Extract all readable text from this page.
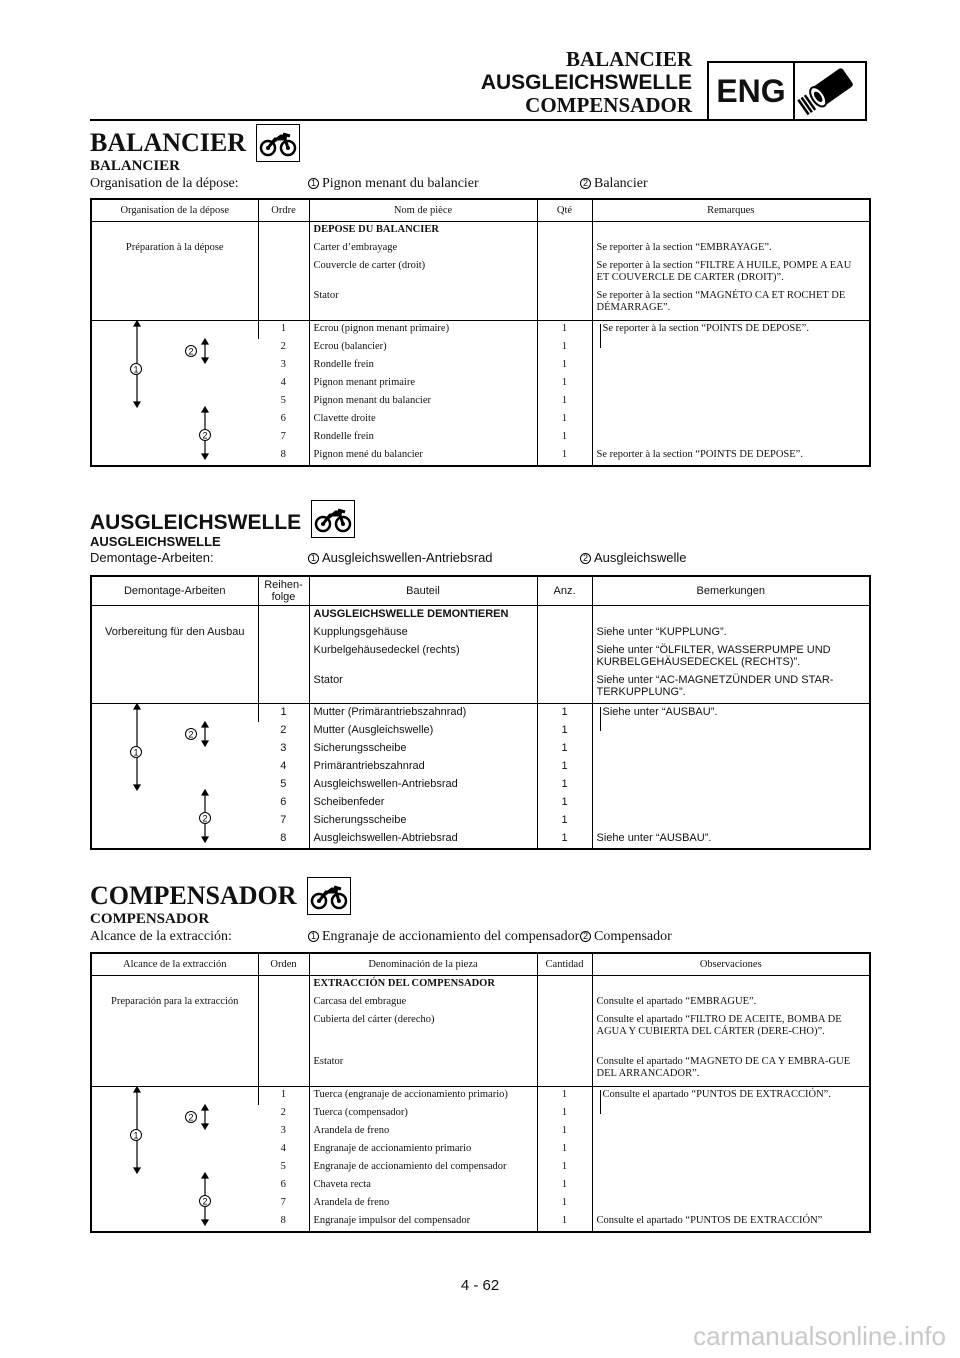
BALANCIER
AUSGLEICHSWELLE
COMPENSADOR ENG
BALANCIER
BALANCIER
Organisation de la dépose:	1 Pignon menant du balancier	2 Balancier
Organisation de la dépose	Ordre	Nom de pièce	Qté	Remarques
		DEPOSE DU BALANCIER		
Préparation à la dépose		Carter d’embrayage		Se reporter à la section “EMBRAYAGE”.
		Couvercle de carter (droit)		Se reporter à la section “FILTRE A HUILE, POMPE A EAU ET COUVERCLE DE CARTER (DROIT)”.
		Stator		Se reporter à la section “MAGNÉTO CA ET ROCHET DE DÉMARRAGE”.

2
1
2	1	Ecrou (pignon menant primaire)	1	Se reporter à la section “POINTS DE DEPOSE”.
	2	Ecrou (balancier)	1	
	3	Rondelle frein	1	
	4	Pignon menant primaire	1	
	5	Pignon menant du balancier	1	
	6	Clavette droite	1	
	7	Rondelle frein	1	
	8	Pignon mené du balancier	1	Se reporter à la section “POINTS DE DEPOSE”.
AUSGLEICHSWELLE
AUSGLEICHSWELLE
Demontage-Arbeiten:	1 Ausgleichswellen-Antriebsrad	2 Ausgleichswelle
Demontage-Arbeiten	Reihen-folge	Bauteil	Anz.	Bemerkungen
		AUSGLEICHSWELLE DEMONTIEREN		
Vorbereitung für den Ausbau		Kupplungsgehäuse		Siehe unter “KUPPLUNG”.
		Kurbelgehäusedeckel (rechts)		Siehe unter “ÖLFILTER, WASSERPUMPE UND KURBELGEHÄUSEDECKEL (RECHTS)”.
		Stator		Siehe unter “AC-MAGNETZÜNDER UND STAR-TERKUPPLUNG”.

2
1
2	1	Mutter (Primärantriebszahnrad)	1	Siehe unter “AUSBAU”.
	2	Mutter (Ausgleichswelle)	1	
	3	Sicherungsscheibe	1	
	4	Primärantriebszahnrad	1	
	5	Ausgleichswellen-Antriebsrad	1	
	6	Scheibenfeder	1	
	7	Sicherungsscheibe	1	
	8	Ausgleichswellen-Abtriebsrad	1	Siehe unter “AUSBAU”.
COMPENSADOR
COMPENSADOR
Alcance de la extracción:	1 Engranaje de accionamiento del compensador 2 Compensador
Alcance de la extracción	Orden	Denominación de la pieza	Cantidad	Observaciones
		EXTRACCIÓN DEL COMPENSADOR		
Preparación para la extracción		Carcasa del embrague		Consulte el apartado “EMBRAGUE”.
		Cubierta del cárter (derecho)		Consulte el apartado “FILTRO DE ACEITE, BOMBA DE AGUA Y CUBIERTA DEL CÁRTER (DERE-CHO)”.
		Estator		Consulte el apartado “MAGNETO DE CA Y EMBRA-GUE DEL ARRANCADOR”.

2
1
2	1	Tuerca (engranaje de accionamiento primario)	1	Consulte el apartado “PUNTOS DE EXTRACCIÓN”.
	2	Tuerca (compensador)	1	
	3	Arandela de freno	1	
	4	Engranaje de accionamiento primario	1	
	5	Engranaje de accionamiento del compensador	1	
	6	Chaveta recta	1	
	7	Arandela de freno	1	
	8	Engranaje impulsor del compensador	1	Consulte el apartado “PUNTOS DE EXTRACCIÓN”
4 - 62
carmanualsonline.info
